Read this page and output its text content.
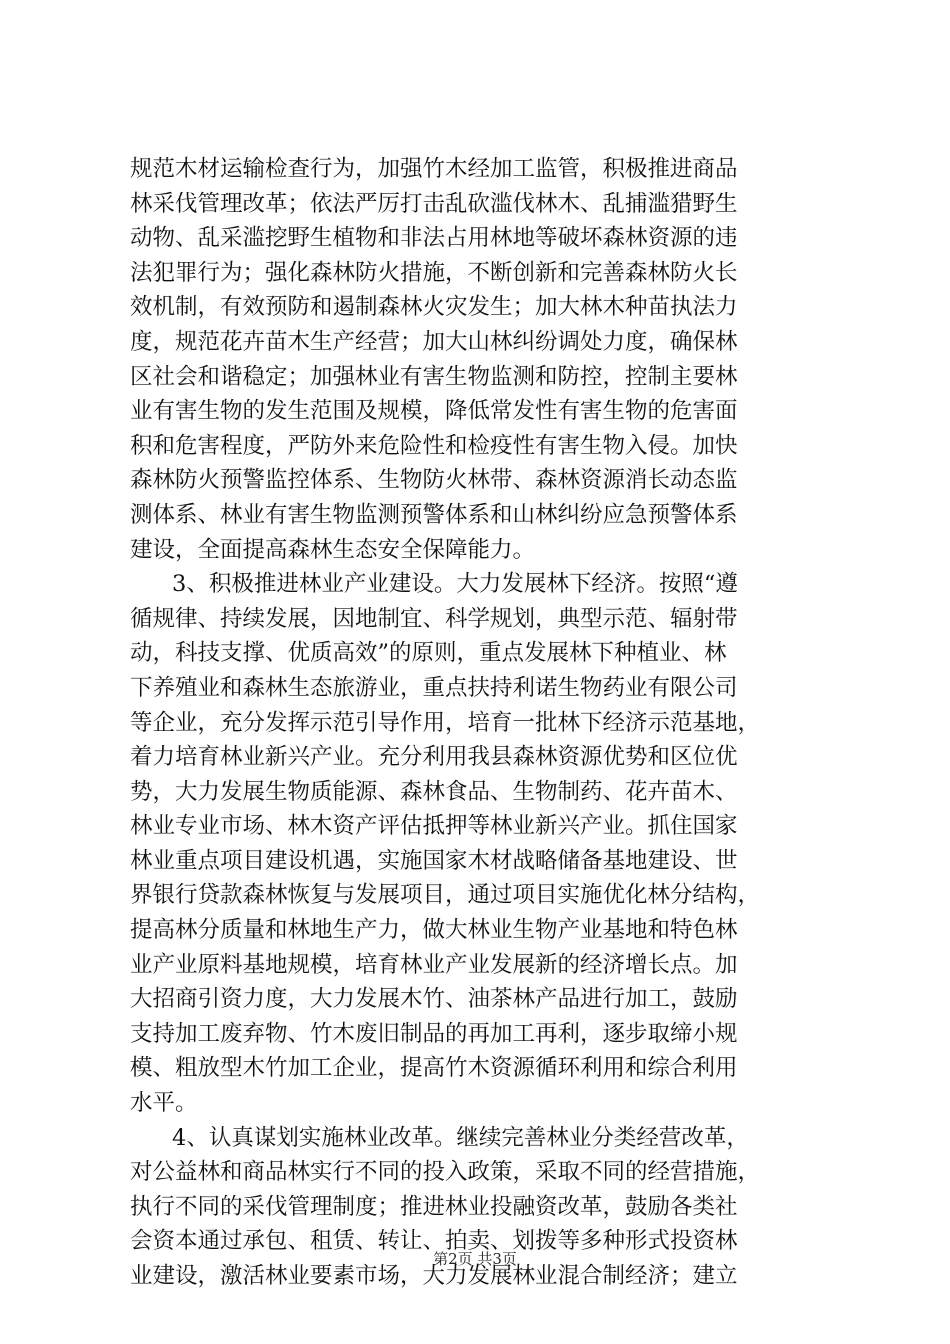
规范木材运输检查行为，加强竹木经加工监管，积极推进商品
林采伐管理改革；依法严厉打击乱砍滥伐林木、乱捕滥猎野生
动物、乱采滥挖野生植物和非法占用林地等破坏森林资源的违
法犯罪行为；强化森林防火措施，不断创新和完善森林防火长
效机制，有效预防和遏制森林火灾发生；加大林木种苗执法力
度，规范花卉苗木生产经营；加大山林纠纷调处力度，确保林
区社会和谐稳定；加强林业有害生物监测和防控，控制主要林
业有害生物的发生范围及规模，降低常发性有害生物的危害面
积和危害程度，严防外来危险性和检疫性有害生物入侵。加快
森林防火预警监控体系、生物防火林带、森林资源消长动态监
测体系、林业有害生物监测预警体系和山林纠纷应急预警体系
建设，全面提高森林生态安全保障能力。
3、积极推进林业产业建设。大力发展林下经济。按照“遵
循规律、持续发展，因地制宜、科学规划，典型示范、辐射带
动，科技支撑、优质高效”的原则，重点发展林下种植业、林
下养殖业和森林生态旅游业，重点扶持利诺生物药业有限公司
等企业，充分发挥示范引导作用，培育一批林下经济示范基地，
着力培育林业新兴产业。充分利用我县森林资源优势和区位优
势，大力发展生物质能源、森林食品、生物制药、花卉苗木、
林业专业市场、林木资产评估抵押等林业新兴产业。抓住国家
林业重点项目建设机遇，实施国家木材战略储备基地建设、世
界银行贷款森林恢复与发展项目，通过项目实施优化林分结构，
提高林分质量和林地生产力，做大林业生物产业基地和特色林
业产业原料基地规模，培育林业产业发展新的经济增长点。加
大招商引资力度，大力发展木竹、油茶林产品进行加工，鼓励
支持加工废弃物、竹木废旧制品的再加工再利，逐步取缔小规
模、粗放型木竹加工企业，提高竹木资源循环利用和综合利用
水平。
4、认真谋划实施林业改革。继续完善林业分类经营改革，
对公益林和商品林实行不同的投入政策，采取不同的经营措施，
执行不同的采伐管理制度；推进林业投融资改革，鼓励各类社
会资本通过承包、租赁、转让、拍卖、划拨等多种形式投资林
业建设，激活林业要素市场，大力发展林业混合制经济；建立
第2页 共3页
